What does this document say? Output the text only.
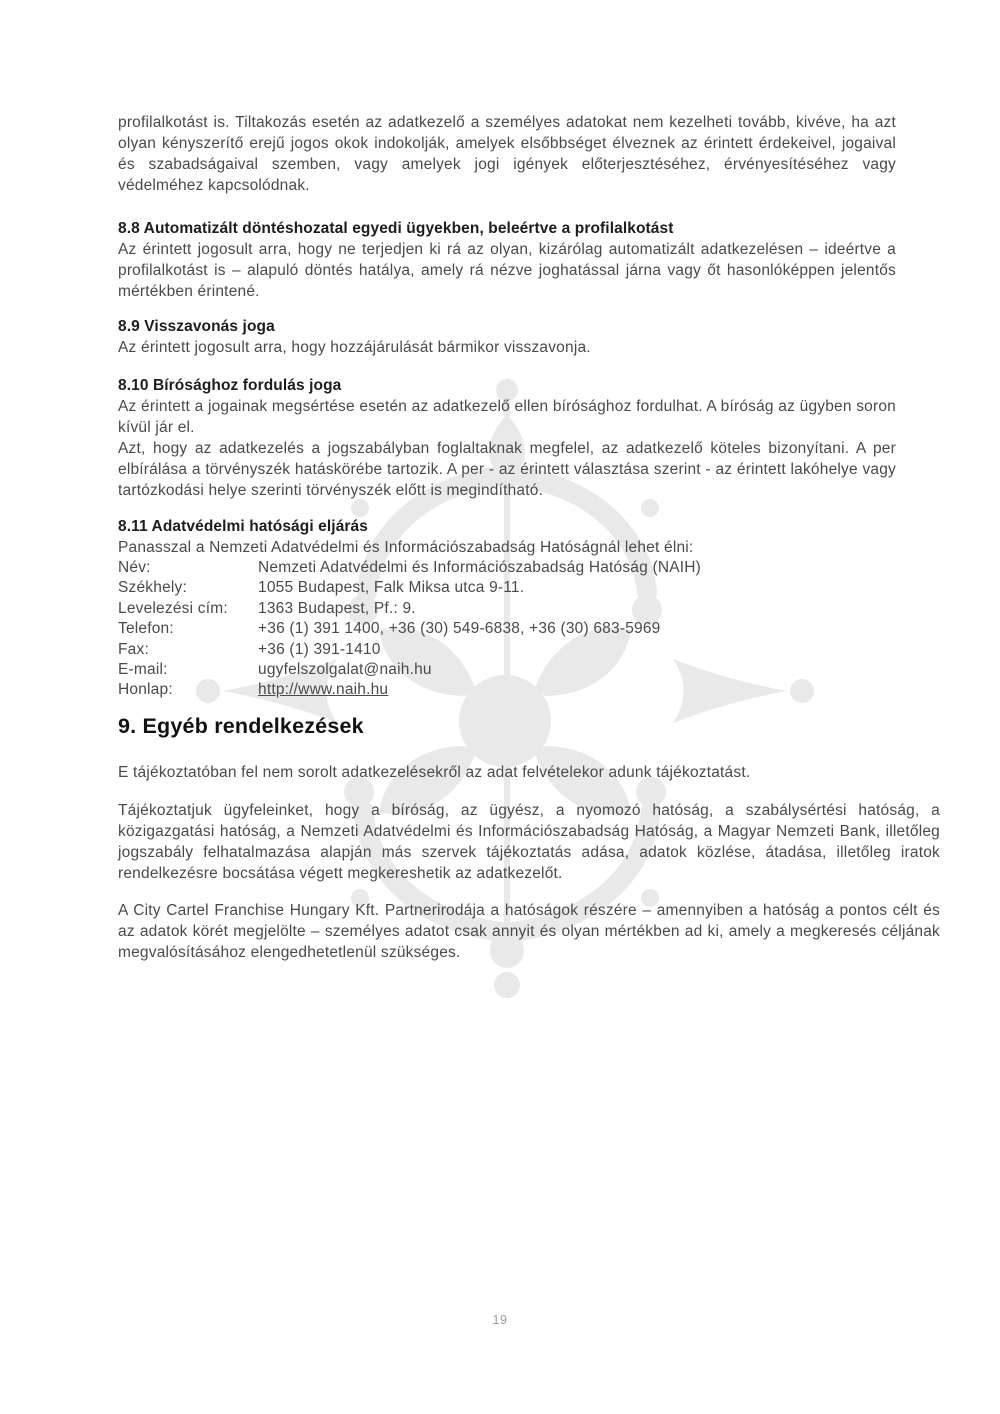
profilalkotást is. Tiltakozás esetén az adatkezelő a személyes adatokat nem kezelheti tovább, kivéve, ha azt olyan kényszerítő erejű jogos okok indokolják, amelyek elsőbbséget élveznek az érintett érdekeivel, jogaival és szabadságaival szemben, vagy amelyek jogi igények előterjesztéséhez, érvényesítéséhez vagy védelméhez kapcsolódnak.

8.8 Automatizált döntéshozatal egyedi ügyekben, beleértve a profilalkotást

Az érintett jogosult arra, hogy ne terjedjen ki rá az olyan, kizárólag automatizált adatkezelésen – ideértve a profilalkotást is – alapuló döntés hatálya, amely rá nézve joghatással járna vagy őt hasonlóképpen jelentős mértékben érintené.

8.9 Visszavonás joga

Az érintett jogosult arra, hogy hozzájárulását bármikor visszavonja.

8.10 Bírósághoz fordulás joga

Az érintett a jogainak megsértése esetén az adatkezelő ellen bírósághoz fordulhat. A bíróság az ügyben soron kívül jár el.

Azt, hogy az adatkezelés a jogszabályban foglaltaknak megfelel, az adatkezelő köteles bizonyítani. A per elbírálása a törvényszék hatáskörébe tartozik. A per - az érintett választása szerint - az érintett lakóhelye vagy tartózkodási helye szerinti törvényszék előtt is megindítható.

8.11 Adatvédelmi hatósági eljárás

Panasszal a Nemzeti Adatvédelmi és Információszabadság Hatóságnál lehet élni:

Név:	Nemzeti Adatvédelmi és Információszabadság Hatóság (NAIH)
Székhely:	1055 Budapest, Falk Miksa utca 9-11.
Levelezési cím:	1363 Budapest, Pf.: 9.
Telefon:	+36 (1) 391 1400, +36 (30) 549-6838, +36 (30) 683-5969
Fax:	+36 (1) 391-1410
E-mail:	ugyfelszolgalat@naih.hu
Honlap:	http://www.naih.hu
9. Egyéb rendelkezések

E tájékoztatóban fel nem sorolt adatkezelésekről az adat felvételekor adunk tájékoztatást.

Tájékoztatjuk ügyfeleinket, hogy a bíróság, az ügyész, a nyomozó hatóság, a szabálysértési hatóság, a közigazgatási hatóság, a Nemzeti Adatvédelmi és Információszabadság Hatóság, a Magyar Nemzeti Bank, illetőleg jogszabály felhatalmazása alapján más szervek tájékoztatás adása, adatok közlése, átadása, illetőleg iratok rendelkezésre bocsátása végett megkereshetik az adatkezelőt.

A City Cartel Franchise Hungary Kft. Partnerirodája a hatóságok részére – amennyiben a hatóság a pontos célt és az adatok körét megjelölte – személyes adatot csak annyit és olyan mértékben ad ki, amely a megkeresés céljának megvalósításához elengedhetetlenül szükséges.

19
